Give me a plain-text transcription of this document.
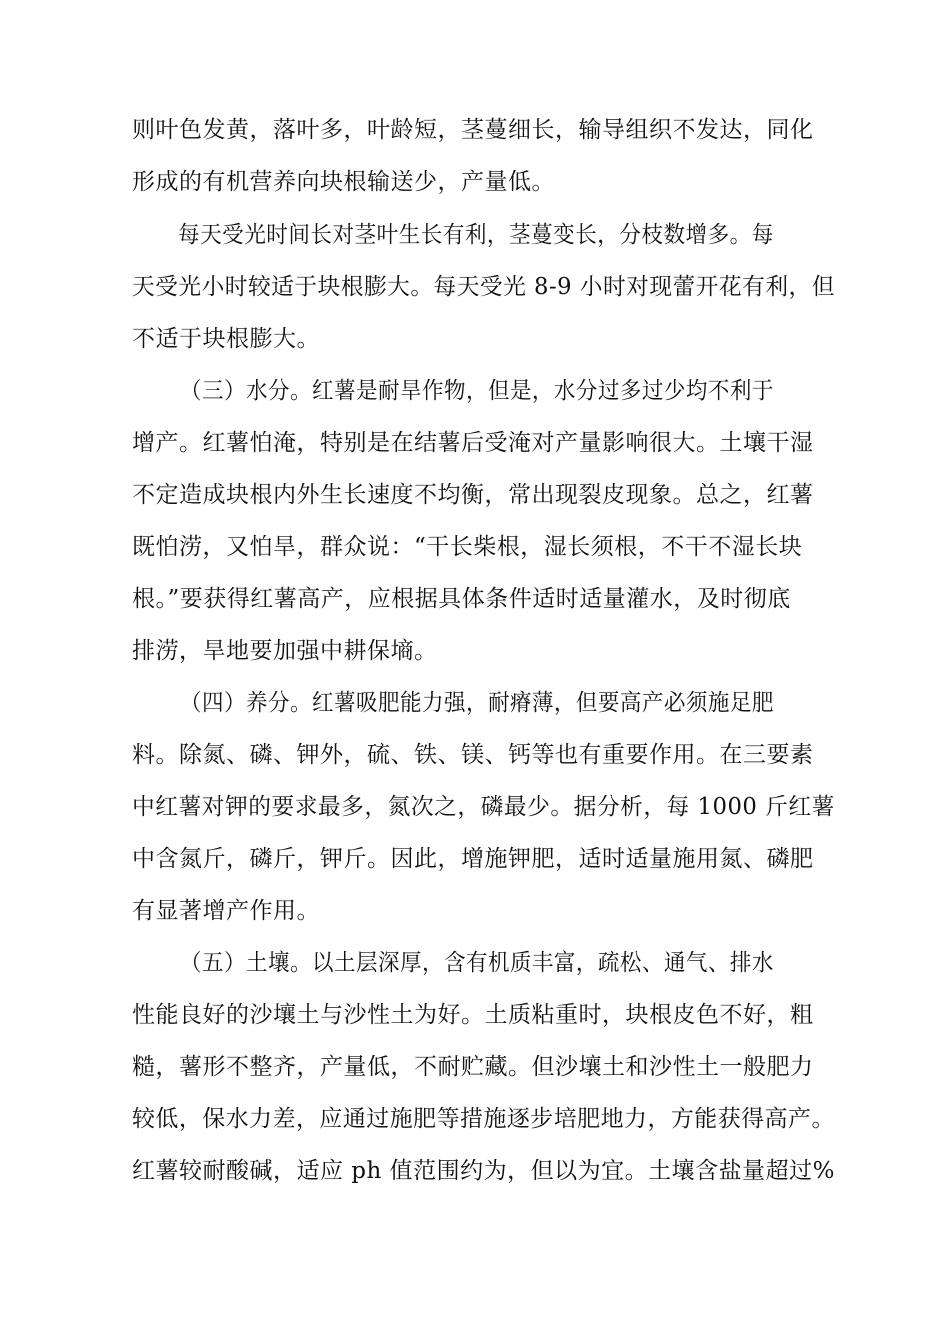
则叶色发黄，落叶多，叶龄短，茎蔓细长，输导组织不发达，同化
形成的有机营养向块根输送少，产量低。
每天受光时间长对茎叶生长有利，茎蔓变长，分枝数增多。每
天受光小时较适于块根膨大。每天受光 8-9 小时对现蕾开花有利，但
不适于块根膨大。
（三）水分。红薯是耐旱作物，但是，水分过多过少均不利于
增产。红薯怕淹，特别是在结薯后受淹对产量影响很大。土壤干湿
不定造成块根内外生长速度不均衡，常出现裂皮现象。总之，红薯
既怕涝，又怕旱，群众说：“干长柴根，湿长须根，不干不湿长块
根。”要获得红薯高产，应根据具体条件适时适量灌水，及时彻底
排涝，旱地要加强中耕保墒。
（四）养分。红薯吸肥能力强，耐瘠薄，但要高产必须施足肥
料。除氮、磷、钾外，硫、铁、镁、钙等也有重要作用。在三要素
中红薯对钾的要求最多，氮次之，磷最少。据分析，每 1000 斤红薯
中含氮斤，磷斤，钾斤。因此，增施钾肥，适时适量施用氮、磷肥
有显著增产作用。
（五）土壤。以土层深厚，含有机质丰富，疏松、通气、排水
性能良好的沙壤土与沙性土为好。土质粘重时，块根皮色不好，粗
糙，薯形不整齐，产量低，不耐贮藏。但沙壤土和沙性土一般肥力
较低，保水力差，应通过施肥等措施逐步培肥地力，方能获得高产。
红薯较耐酸碱，适应 ph 值范围约为，但以为宜。土壤含盐量超过%
